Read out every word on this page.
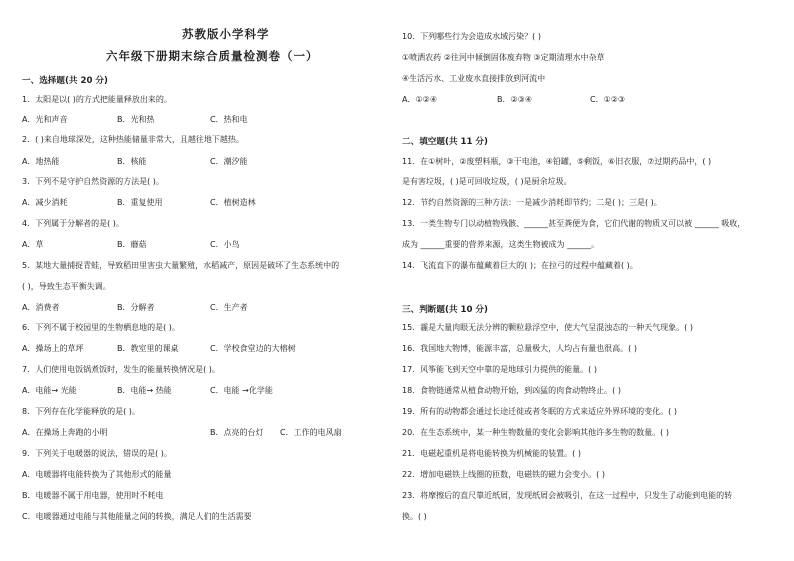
苏教版小学科学
六年级下册期末综合质量检测卷（一）
一、选择题(共 20 分)
1．太阳是以( )的方式把能量释放出来的。
A．光和声音	B．光和热	C．热和电
2．( )来自地球深处，这种热能储量非常大，且越往地下越热。
A．地热能	B．核能	C．潮汐能
3．下列不是守护自然资源的方法是( )。
A．减少消耗	B．重复使用	C．植树造林
4．下列属于分解者的是( )。
A．草	B．蘑菇	C．小鸟
5．某地大量捕捉青蛙，导致稻田里害虫大量繁殖，水稻减产，原因是破坏了生态系统中的
( )，导致生态平衡失调。
A．消费者	B．分解者	C．生产者
6．下列不属于校园里的生物栖息地的是( )。
A．操场上的草坪	B．教室里的课桌	C．学校食堂边的大榕树
7．人们使用电饭锅煮饭时，发生的能量转换情况是( )。
A．电能→ 光能	B．电能→ 热能	C．电能 →化学能
8．下列存在化学能释放的是( )。
A．在操场上奔跑的小明	B．点亮的台灯 C．工作的电风扇
9．下列关于电暖器的说法，错误的是( )。
A．电暖器将电能转换为了其他形式的能量
B．电暖器不属于用电器，使用时不耗电
C．电暖器通过电能与其他能量之间的转换，满足人们的生活需要
10．下列哪些行为会造成水域污染？( )
①喷洒农药 ②往河中倾倒固体废弃物 ③定期清理水中杂草
④生活污水、工业废水直接排放到河流中
A．①②④	B．②③④	C．①②③
二、填空题(共 11 分)
11．在①树叶，②废塑料瓶，③干电池，④铅罐，⑤剩饭，⑥旧衣服，⑦过期药品中，( )
是有害垃圾，( )是可回收垃圾，( )是厨余垃圾。
12．节约自然资源的三种方法：一是减少消耗即节约；二是( )；三是( )。
13．一类生物专门以动植物残骸、______甚至粪便为食，它们代谢的物质又可以被 ______ 吸收，
成为 ______重要的营养来源，这类生物被成为 ______。
14．飞流直下的瀑布蕴藏着巨大的( )；在拉弓的过程中蕴藏着( )。
三、判断题(共 10 分)
15．霾是大量肉眼无法分辨的颗粒悬浮空中，使大气呈混浊态的一种天气现象。( )
16．我国地大物博，能源丰富，总量极大，人均占有量也很高。( )
17．风筝能飞到天空中靠的是地球引力提供的能量。( )
18．食物链通常从植食动物开始，到凶猛的肉食动物终止。( )
19．所有的动物都会通过长途迁徙或者冬眠的方式来适应外界环境的变化。( )
20．在生态系统中，某一种生物数量的变化会影响其他许多生物的数量。( )
21．电磁起重机是将电能转换为机械能的装置。( )
22．增加电磁铁上线圈的匝数，电磁铁的磁力会变小。( )
23．将摩擦后的直尺靠近纸屑，发现纸屑会被吸引，在这一过程中，只发生了动能到电能的转
换。( )
